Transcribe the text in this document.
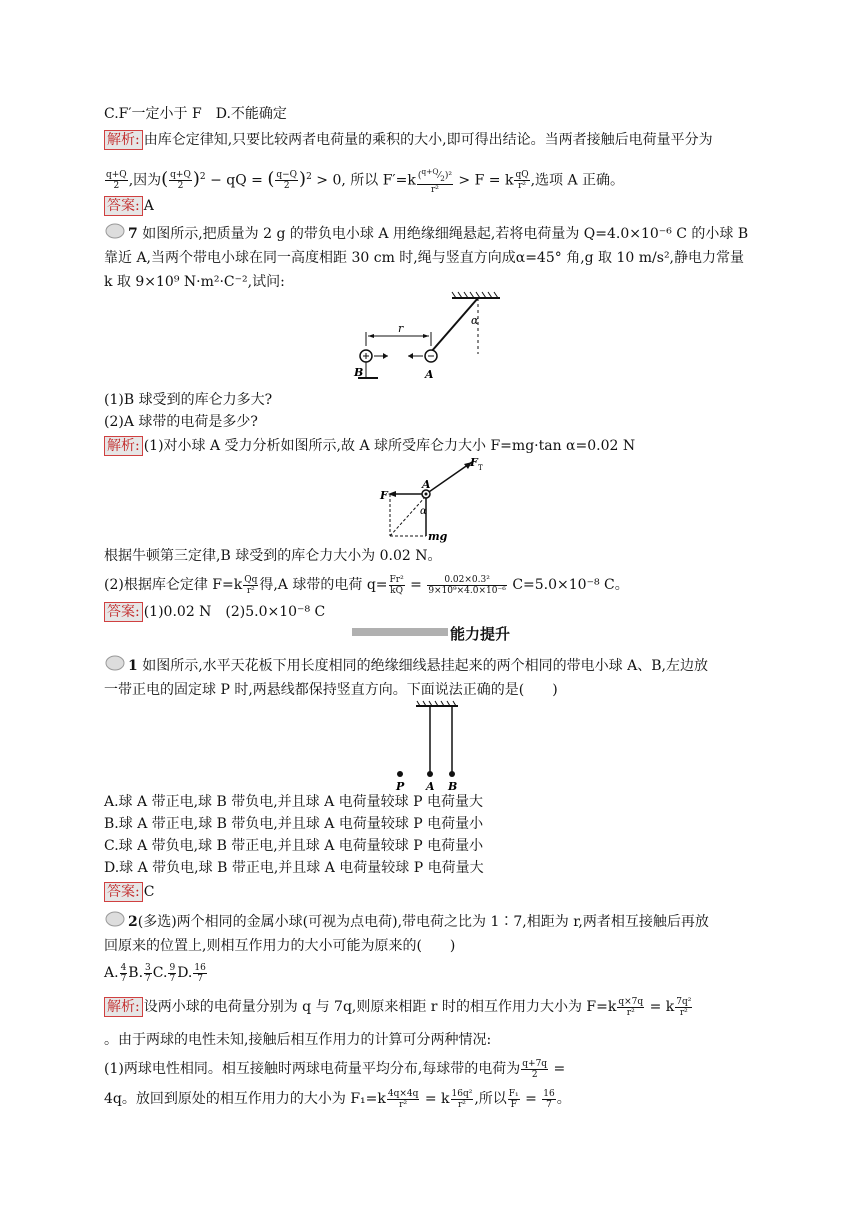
C.F′一定小于 F　D.不能确定
解析: 由库仑定律知,只要比较两者电荷量的乘积的大小,即可得出结论。当两者接触后电荷量平分为
$\frac{q+Q}{2}$ ,因为( $\frac{q+Q}{2} )^2$ − qQ = ( $\frac{q-Q}{2} )^2 > 0$, 所以 $F'=k \frac{(^{q+Q}⁄_2)^2}{\text{r²}} > F = k \frac{qQ}{\text{r²}}$ ,选项 A 正确。
答案: A
7 如图所示,把质量为 2 g 的带负电小球 A 用绝缘细绳悬起,若将电荷量为 Q=4.0×10⁻⁶ C 的小球 B
靠近 A,当两个带电小球在同一高度相距 30 cm 时,绳与竖直方向成α=45° 角,g 取 10 m/s²,静电力常量
k 取 9×10⁹ N·m²·C⁻²,试问:
α
r
B	A
(1)B 球受到的库仑力多大?
(2)A 球带的电荷是多少?
解析: (1)对小球 A 受力分析如图所示,故 A 球所受库仑力大小 F=mg·tan α=0.02 N
F T
F
mg
A
α
根据牛顿第三定律,B 球受到的库仑力大小为 0.02 N。
(2)根据库仑定律 $F=k \frac{Qq}{\text{r²}}$ 得,A 球带的电荷 $q= \frac{\text{Fr²}}{kQ} = \frac{\text{0.02×0.3²}}{\text{9×10⁹×4.0×10⁻⁶}} C=5.0\times 10^{-8}$ C。
答案: (1)0.02 N　(2)5.0×10⁻⁸ C
能力提升
1 如图所示,水平天花板下用长度相同的绝缘细线悬挂起来的两个相同的带电小球 A、B,左边放
一带正电的固定球 P 时,两悬线都保持竖直方向。下面说法正确的是(　　)
P A B
A.球 A 带正电,球 B 带负电,并且球 A 电荷量较球 P 电荷量大
B.球 A 带正电,球 B 带负电,并且球 A 电荷量较球 P 电荷量小
C.球 A 带负电,球 B 带正电,并且球 A 电荷量较球 P 电荷量小
D.球 A 带负电,球 B 带正电,并且球 A 电荷量较球 P 电荷量大
答案: C
2(多选)两个相同的金属小球(可视为点电荷),带电荷之比为 1∶7,相距为 r,两者相互接触后再放
回原来的位置上,则相互作用力的大小可能为原来的(　　)
A. $\frac{4}{7} B$. $\frac{3}{7} C$. $\frac{9}{7} D$. $\frac{16}{7}$
解析: 设两小球的电荷量分别为 q 与 7q,则原来相距 r 时的相互作用力大小为 $F=k \frac{q\times 7q}{\text{r²}} = k \frac{\text{7q²}}{\text{r²}}$
。由于两球的电性未知,接触后相互作用力的计算可分两种情况:
(1)两球电性相同。相互接触时两球电荷量平均分布,每球带的电荷为 $\frac{q+7q}{2}$ =
4q。放回到原处的相互作用力的大小为 $F_1=k \frac{4q\times 4q}{\text{r²}} = k \frac{\text{16q²}}{\text{r²}}$ ,所以 $\frac{\text{F₁}}{F} = \frac{16}{7}$ 。
